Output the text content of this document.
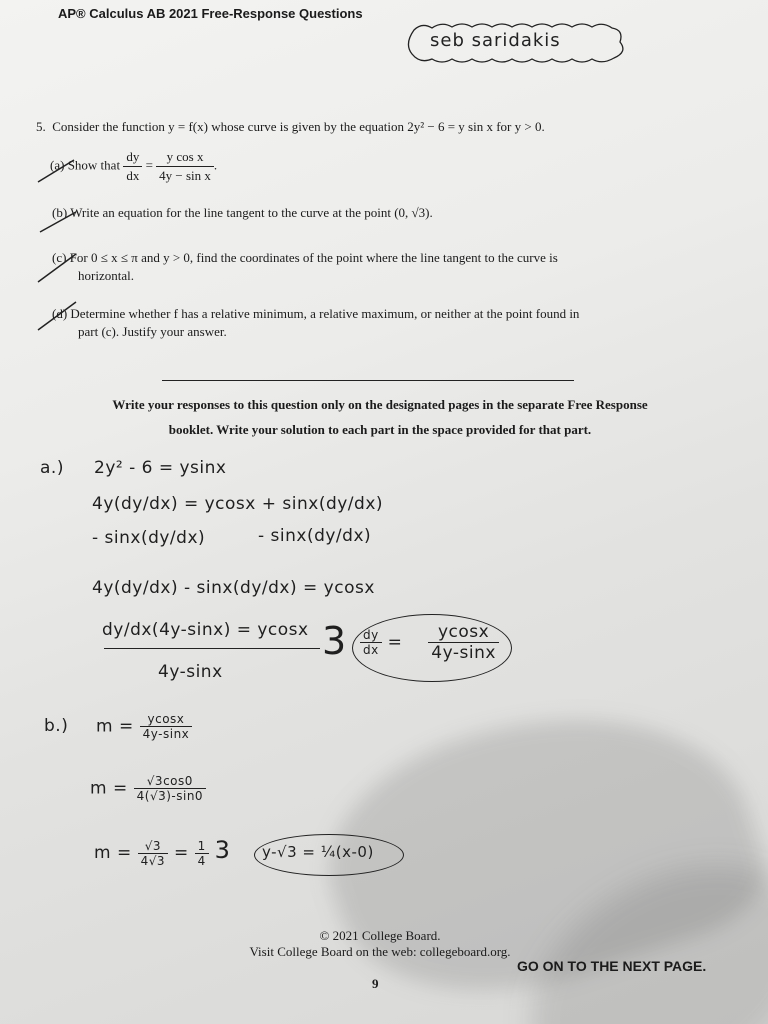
AP® Calculus AB 2021 Free-Response Questions
seb saridakis
5. Consider the function y = f(x) whose curve is given by the equation 2y² − 6 = y sin x for y > 0.
(a) Show that $\frac{dy}{dx} = \frac{\text{y cos x}}{\text{4y − sin x}}$ .
(b) Write an equation for the line tangent to the curve at the point (0, √3).
(c) For 0 ≤ x ≤ π and y > 0, find the coordinates of the point where the line tangent to the curve is
horizontal.
(d) Determine whether f has a relative minimum, a relative maximum, or neither at the point found in
part (c). Justify your answer.
Write your responses to this question only on the designated pages in the separate Free Response
booklet. Write your solution to each part in the space provided for that part.
a.) 2y² - 6 = ysinx
4y(dy/dx) = ycosx + sinx(dy/dx)
- sinx(dy/dx)	- sinx(dy/dx)
4y(dy/dx) - sinx(dy/dx) = ycosx
dy/dx(4y-sinx) = ycosx
4y-sinx
$3 \frac{dy}{dx} = \frac{ycosx}{4y-\sin x}$
b.) $m = \frac{ycosx}{4y-\sin x}$
$m = \frac{√3\cos 0}{4(√3)-\sin 0}$
$m = \frac{√3}{4√3} = \frac{1}{4} 3$ y-√3 = ¼(x-0)
© 2021 College Board.
Visit College Board on the web: collegeboard.org.
GO ON TO THE NEXT PAGE.
9
